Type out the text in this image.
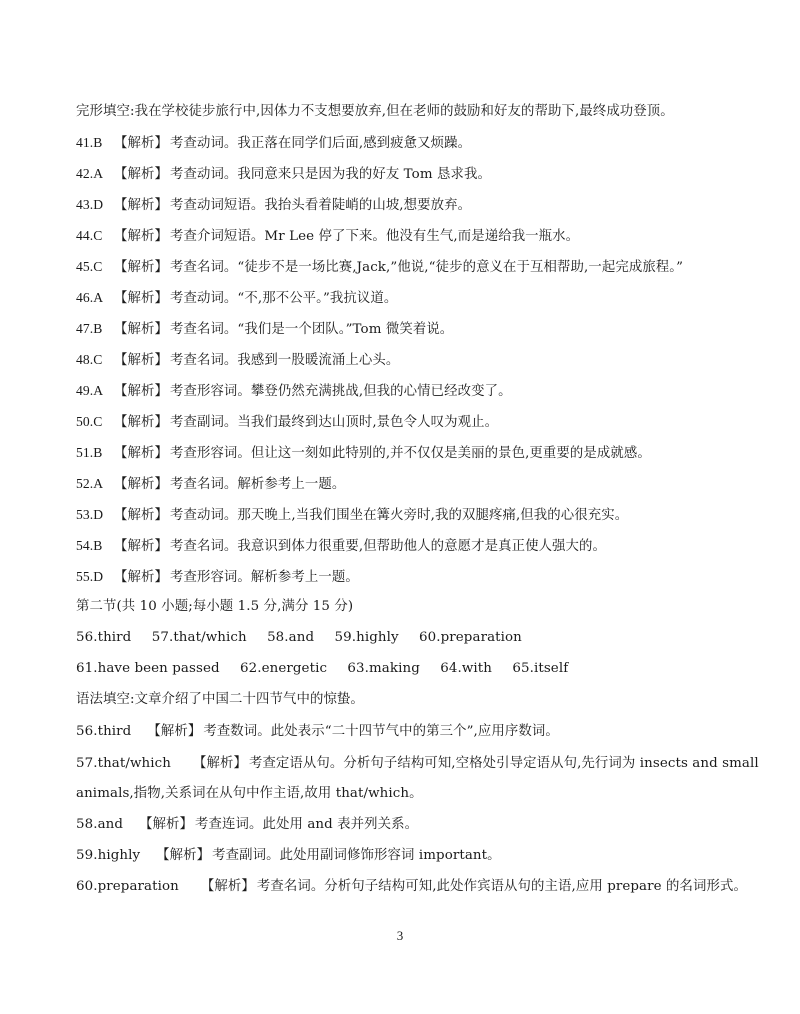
完形填空:我在学校徒步旅行中,因体力不支想要放弃,但在老师的鼓励和好友的帮助下,最终成功登顶。
41.B 【解析】 考查动词。我正落在同学们后面,感到疲惫又烦躁。
42.A 【解析】 考查动词。我同意来只是因为我的好友 Tom 恳求我。
43.D 【解析】 考查动词短语。我抬头看着陡峭的山坡,想要放弃。
44.C 【解析】 考查介词短语。Mr Lee 停了下来。他没有生气,而是递给我一瓶水。
45.C 【解析】 考查名词。“徒步不是一场比赛,Jack,”他说,“徒步的意义在于互相帮助,一起完成旅程。”
46.A 【解析】 考查动词。“不,那不公平。”我抗议道。
47.B 【解析】 考查名词。“我们是一个团队。”Tom 微笑着说。
48.C 【解析】 考查名词。我感到一股暖流涌上心头。
49.A 【解析】 考查形容词。攀登仍然充满挑战,但我的心情已经改变了。
50.C 【解析】 考查副词。当我们最终到达山顶时,景色令人叹为观止。
51.B 【解析】 考查形容词。但让这一刻如此特别的,并不仅仅是美丽的景色,更重要的是成就感。
52.A 【解析】 考查名词。解析参考上一题。
53.D 【解析】 考查动词。那天晚上,当我们围坐在篝火旁时,我的双腿疼痛,但我的心很充实。
54.B 【解析】 考查名词。我意识到体力很重要,但帮助他人的意愿才是真正使人强大的。
55.D 【解析】 考查形容词。解析参考上一题。
第二节(共 10 小题;每小题 1.5 分,满分 15 分)
56.third 57.that/which 58.and 59.highly 60.preparation
61.have been passed 62.energetic 63.making 64.with 65.itself
语法填空:文章介绍了中国二十四节气中的惊蛰。
56.third 【解析】 考查数词。此处表示“二十四节气中的第三个”,应用序数词。
57.that/which 【解析】 考查定语从句。分析句子结构可知,空格处引导定语从句,先行词为 insects and small
animals,指物,关系词在从句中作主语,故用 that/which。
58.and 【解析】 考查连词。此处用 and 表并列关系。
59.highly 【解析】 考查副词。此处用副词修饰形容词 important。
60.preparation 【解析】 考查名词。分析句子结构可知,此处作宾语从句的主语,应用 prepare 的名词形式。
3
